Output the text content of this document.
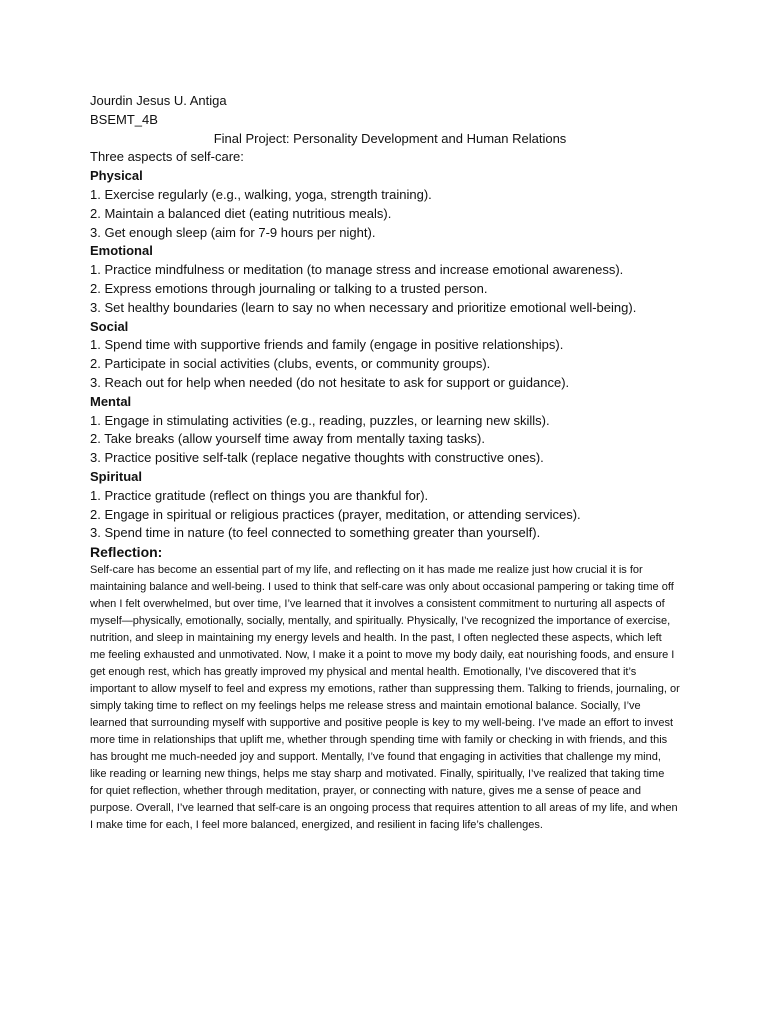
Jourdin Jesus U. Antiga
BSEMT_4B
Final Project: Personality Development and Human Relations
Three aspects of self-care:
Physical
1. Exercise regularly (e.g., walking, yoga, strength training).
2. Maintain a balanced diet (eating nutritious meals).
3. Get enough sleep (aim for 7-9 hours per night).
Emotional
1. Practice mindfulness or meditation (to manage stress and increase emotional awareness).
2. Express emotions through journaling or talking to a trusted person.
3. Set healthy boundaries (learn to say no when necessary and prioritize emotional well-being).
Social
1. Spend time with supportive friends and family (engage in positive relationships).
2. Participate in social activities (clubs, events, or community groups).
3. Reach out for help when needed (do not hesitate to ask for support or guidance).
Mental
1. Engage in stimulating activities (e.g., reading, puzzles, or learning new skills).
2. Take breaks (allow yourself time away from mentally taxing tasks).
3. Practice positive self-talk (replace negative thoughts with constructive ones).
Spiritual
1. Practice gratitude (reflect on things you are thankful for).
2. Engage in spiritual or religious practices (prayer, meditation, or attending services).
3. Spend time in nature (to feel connected to something greater than yourself).
Reflection:
Self-care has become an essential part of my life, and reflecting on it has made me realize just how crucial it is for maintaining balance and well-being. I used to think that self-care was only about occasional pampering or taking time off when I felt overwhelmed, but over time, I’ve learned that it involves a consistent commitment to nurturing all aspects of myself—physically, emotionally, socially, mentally, and spiritually. Physically, I’ve recognized the importance of exercise, nutrition, and sleep in maintaining my energy levels and health. In the past, I often neglected these aspects, which left me feeling exhausted and unmotivated. Now, I make it a point to move my body daily, eat nourishing foods, and ensure I get enough rest, which has greatly improved my physical and mental health. Emotionally, I’ve discovered that it’s important to allow myself to feel and express my emotions, rather than suppressing them. Talking to friends, journaling, or simply taking time to reflect on my feelings helps me release stress and maintain emotional balance. Socially, I’ve learned that surrounding myself with supportive and positive people is key to my well-being. I’ve made an effort to invest more time in relationships that uplift me, whether through spending time with family or checking in with friends, and this has brought me much-needed joy and support. Mentally, I’ve found that engaging in activities that challenge my mind, like reading or learning new things, helps me stay sharp and motivated. Finally, spiritually, I’ve realized that taking time for quiet reflection, whether through meditation, prayer, or connecting with nature, gives me a sense of peace and purpose. Overall, I’ve learned that self-care is an ongoing process that requires attention to all areas of my life, and when I make time for each, I feel more balanced, energized, and resilient in facing life’s challenges.
